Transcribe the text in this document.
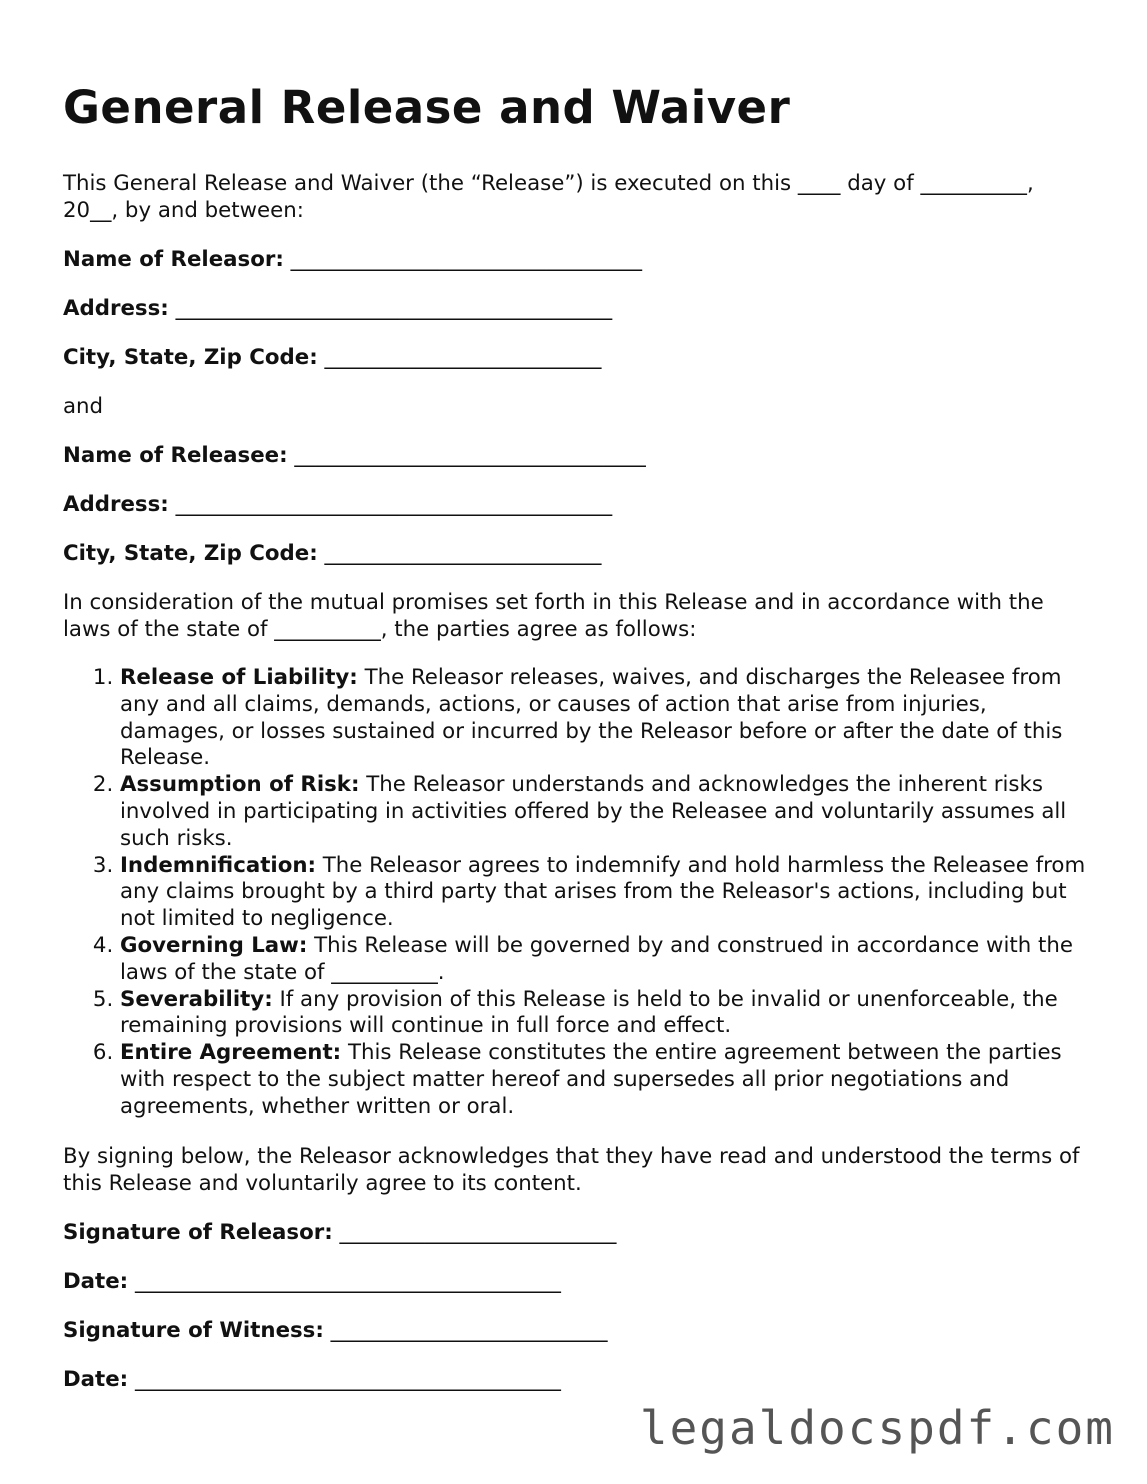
General Release and Waiver

This General Release and Waiver (the “Release”) is executed on this ____ day of __________, 20__, by and between:

Name of Releasor: _________________________________
Address: _________________________________________
City, State, Zip Code: __________________________

and

Name of Releasee: _________________________________
Address: _________________________________________
City, State, Zip Code: __________________________

In consideration of the mutual promises set forth in this Release and in accordance with the laws of the state of __________, the parties agree as follows:

1. Release of Liability: The Releasor releases, waives, and discharges the Releasee from any and all claims, demands, actions, or causes of action that arise from injuries, damages, or losses sustained or incurred by the Releasor before or after the date of this Release.
2. Assumption of Risk: The Releasor understands and acknowledges the inherent risks involved in participating in activities offered by the Releasee and voluntarily assumes all such risks.
3. Indemnification: The Releasor agrees to indemnify and hold harmless the Releasee from any claims brought by a third party that arises from the Releasor's actions, including but not limited to negligence.
4. Governing Law: This Release will be governed by and construed in accordance with the laws of the state of __________.
5. Severability: If any provision of this Release is held to be invalid or unenforceable, the remaining provisions will continue in full force and effect.
6. Entire Agreement: This Release constitutes the entire agreement between the parties with respect to the subject matter hereof and supersedes all prior negotiations and agreements, whether written or oral.

By signing below, the Releasor acknowledges that they have read and understood the terms of this Release and voluntarily agree to its content.

Signature of Releasor: __________________________
Date: ________________________________________
Signature of Witness: __________________________
Date: ________________________________________
legaldocspdf.com
